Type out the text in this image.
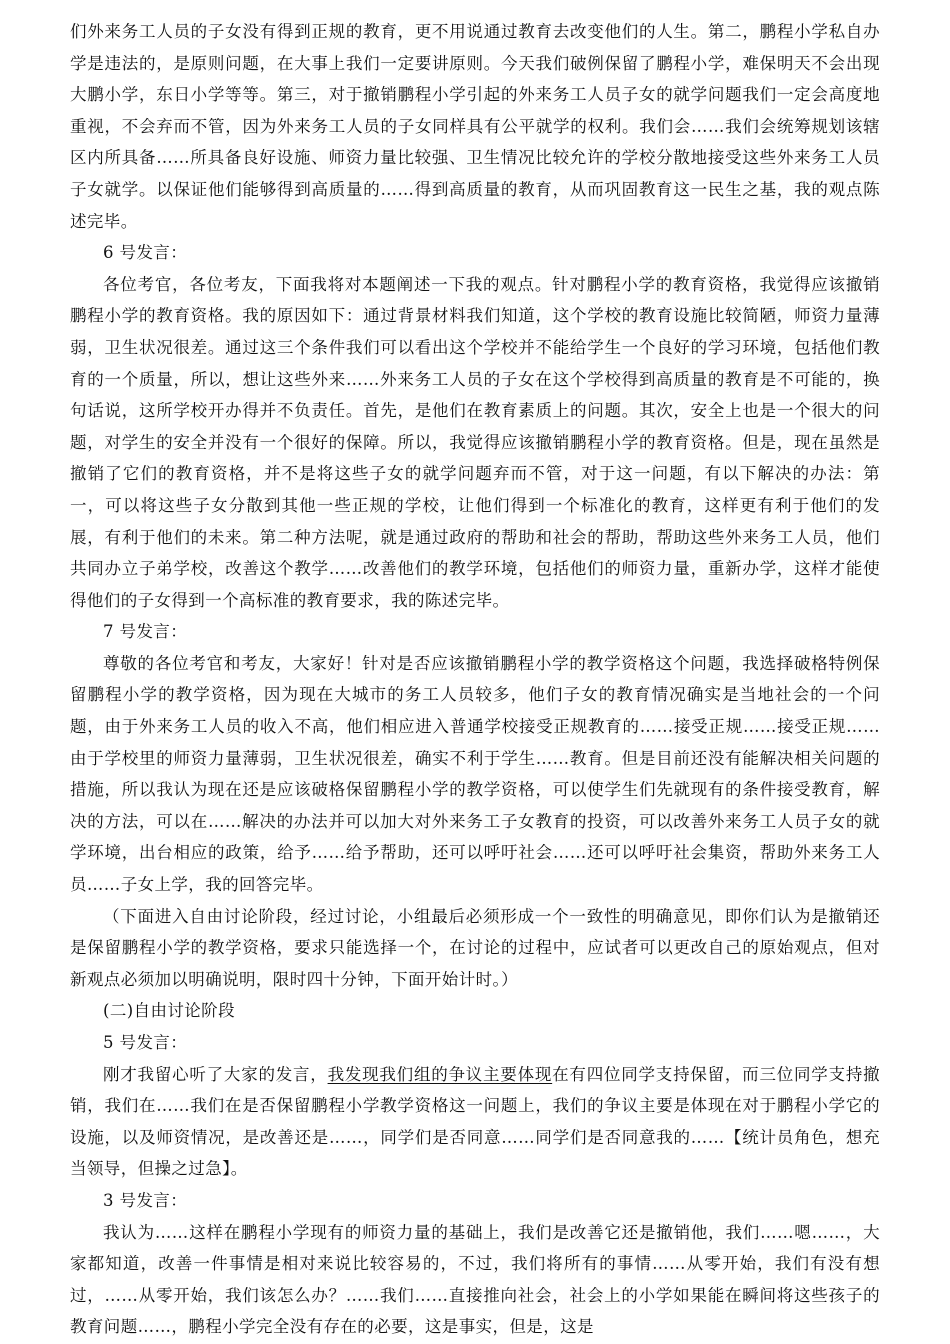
们外来务工人员的子女没有得到正规的教育，更不用说通过教育去改变他们的人生。第二，鹏程小学私自办学是违法的，是原则问题，在大事上我们一定要讲原则。今天我们破例保留了鹏程小学，难保明天不会出现大鹏小学，东日小学等等。第三，对于撤销鹏程小学引起的外来务工人员子女的就学问题我们一定会高度地重视，不会弃而不管，因为外来务工人员的子女同样具有公平就学的权利。我们会……我们会统筹规划该辖区内所具备……所具备良好设施、师资力量比较强、卫生情况比较允许的学校分散地接受这些外来务工人员子女就学。以保证他们能够得到高质量的……得到高质量的教育，从而巩固教育这一民生之基，我的观点陈述完毕。

6 号发言：

各位考官，各位考友，下面我将对本题阐述一下我的观点。针对鹏程小学的教育资格，我觉得应该撤销鹏程小学的教育资格。我的原因如下：通过背景材料我们知道，这个学校的教育设施比较简陋，师资力量薄弱，卫生状况很差。通过这三个条件我们可以看出这个学校并不能给学生一个良好的学习环境，包括他们教育的一个质量，所以，想让这些外来……外来务工人员的子女在这个学校得到高质量的教育是不可能的，换句话说，这所学校开办得并不负责任。首先，是他们在教育素质上的问题。其次，安全上也是一个很大的问题，对学生的安全并没有一个很好的保障。所以，我觉得应该撤销鹏程小学的教育资格。但是，现在虽然是撤销了它们的教育资格，并不是将这些子女的就学问题弃而不管，对于这一问题，有以下解决的办法：第一，可以将这些子女分散到其他一些正规的学校，让他们得到一个标准化的教育，这样更有利于他们的发展，有利于他们的未来。第二种方法呢，就是通过政府的帮助和社会的帮助，帮助这些外来务工人员，他们共同办立子弟学校，改善这个教学……改善他们的教学环境，包括他们的师资力量，重新办学，这样才能使得他们的子女得到一个高标准的教育要求，我的陈述完毕。

7 号发言：

尊敬的各位考官和考友，大家好！针对是否应该撤销鹏程小学的教学资格这个问题，我选择破格特例保留鹏程小学的教学资格，因为现在大城市的务工人员较多，他们子女的教育情况确实是当地社会的一个问题，由于外来务工人员的收入不高，他们相应进入普通学校接受正规教育的……接受正规……接受正规……由于学校里的师资力量薄弱，卫生状况很差，确实不利于学生……教育。但是目前还没有能解决相关问题的措施，所以我认为现在还是应该破格保留鹏程小学的教学资格，可以使学生们先就现有的条件接受教育，解决的方法，可以在……解决的办法并可以加大对外来务工子女教育的投资，可以改善外来务工人员子女的就学环境，出台相应的政策，给予……给予帮助，还可以呼吁社会……还可以呼吁社会集资，帮助外来务工人员……子女上学，我的回答完毕。

（下面进入自由讨论阶段，经过讨论，小组最后必须形成一个一致性的明确意见，即你们认为是撤销还是保留鹏程小学的教学资格，要求只能选择一个，在讨论的过程中，应试者可以更改自己的原始观点，但对新观点必须加以明确说明，限时四十分钟，下面开始计时。）

(二)自由讨论阶段

5 号发言：

刚才我留心听了大家的发言，我发现我们组的争议主要体现在有四位同学支持保留，而三位同学支持撤销，我们在……我们在是否保留鹏程小学教学资格这一问题上，我们的争议主要是体现在对于鹏程小学它的设施，以及师资情况，是改善还是……，同学们是否同意……同学们是否同意我的……【统计员角色，想充当领导，但操之过急】。

3 号发言：

我认为……这样在鹏程小学现有的师资力量的基础上，我们是改善它还是撤销他，我们……嗯……，大家都知道，改善一件事情是相对来说比较容易的，不过，我们将所有的事情……从零开始，我们有没有想过，……从零开始，我们该怎么办？……我们……直接推向社会，社会上的小学如果能在瞬间将这些孩子的教育问题……，鹏程小学完全没有存在的必要，这是事实，但是，这是
